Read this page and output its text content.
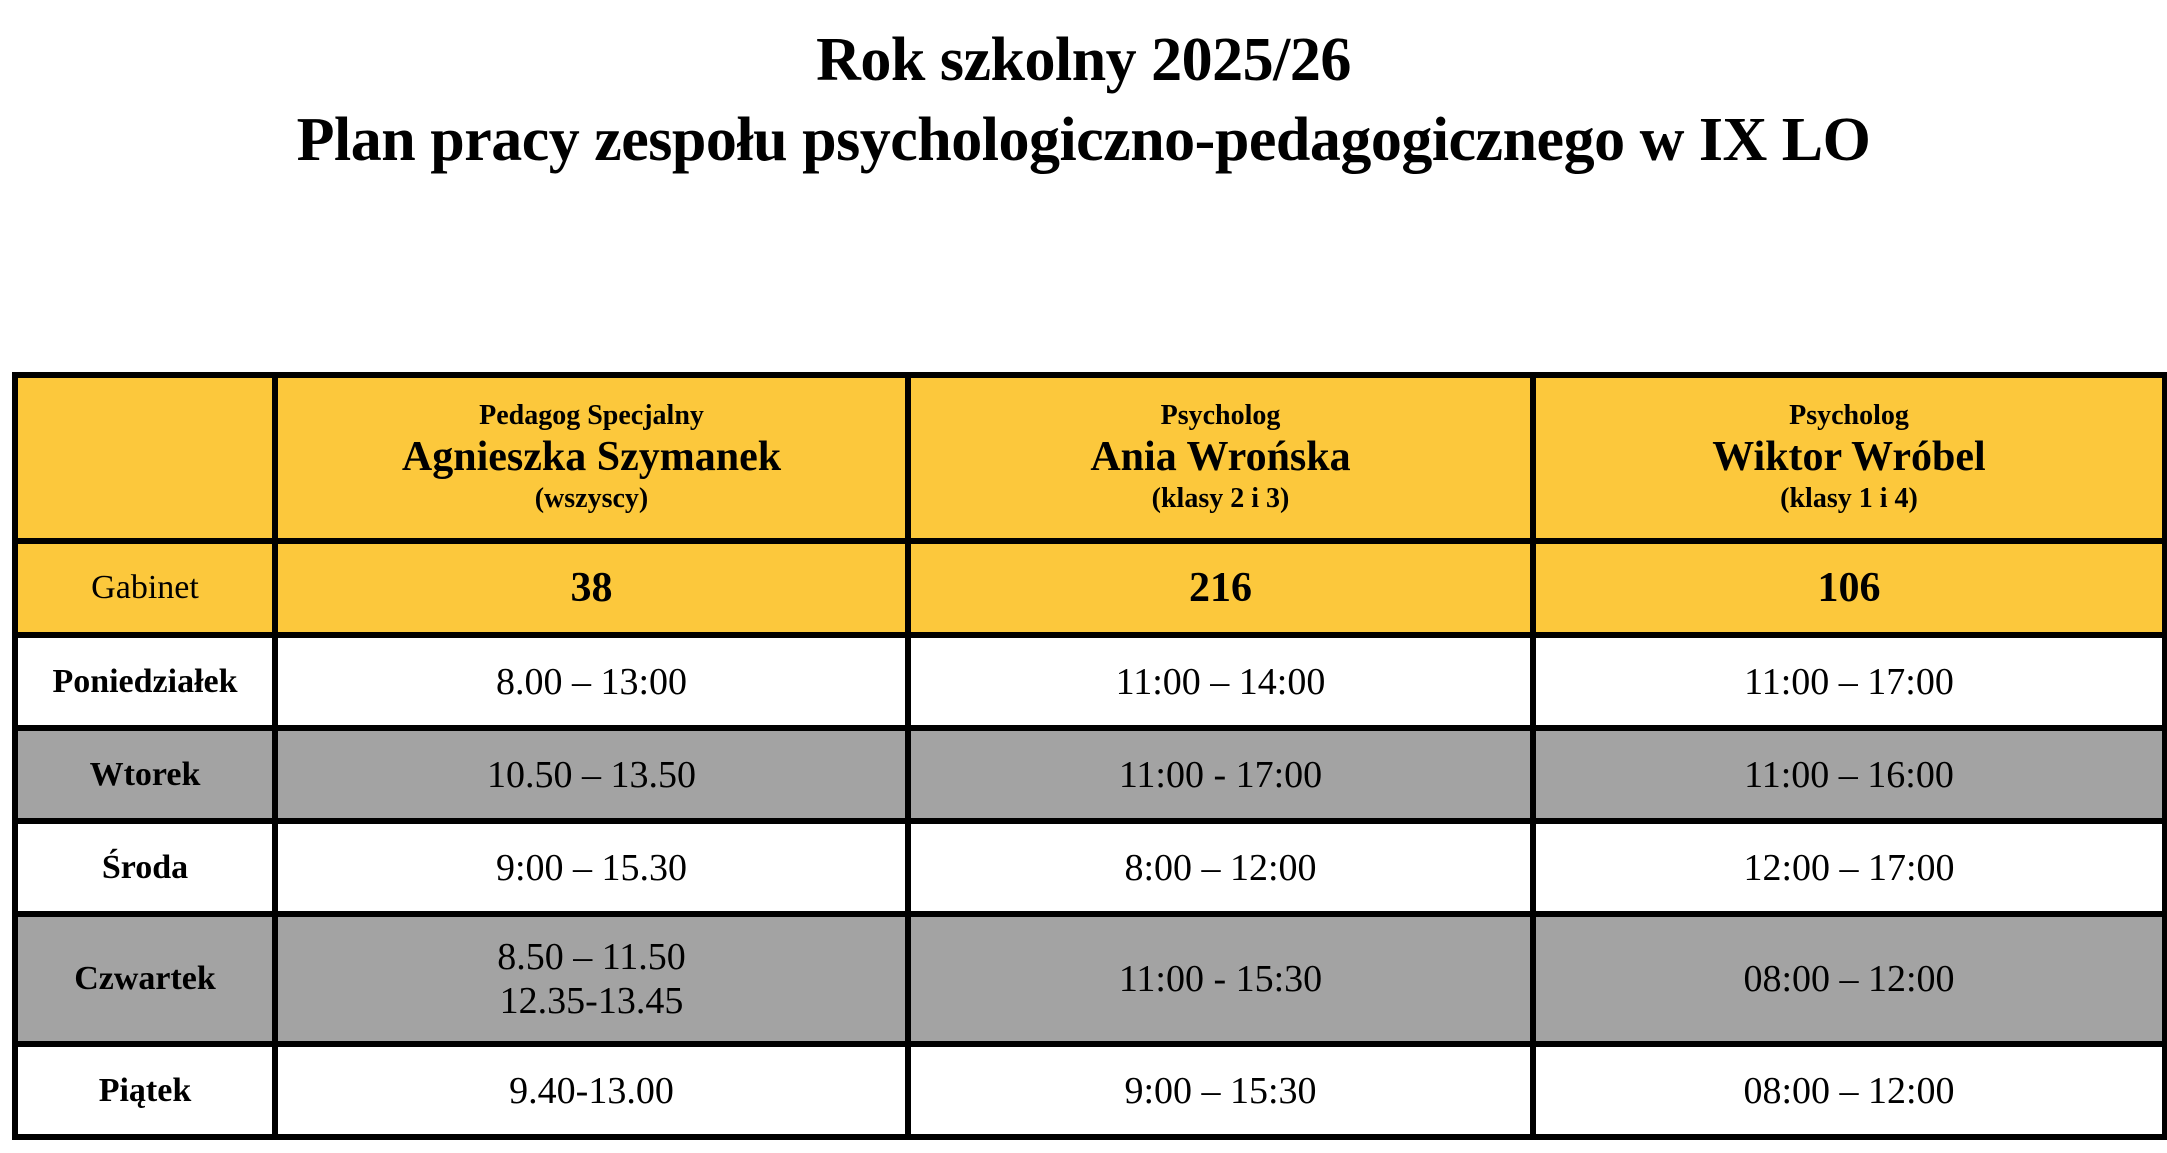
Rok szkolny 2025/26
Plan pracy zespołu psychologiczno-pedagogicznego w IX LO

	Pedagog Specjalny
Agnieszka Szymanek
(wszyscy)	Psycholog
Ania Wrońska
(klasy 2 i 3)	Psycholog
Wiktor Wróbel
(klasy 1 i 4)

Gabinet	38	216	106
Poniedziałek	8.00 – 13:00	11:00 – 14:00	11:00 – 17:00

Wtorek	10.50 – 13.50	11:00 - 17:00	11:00 – 16:00

Środa	9:00 – 15.30	8:00 – 12:00	12:00 – 17:00

Czwartek	8.50 – 11.50
12.35-13.45	11:00 - 15:30	08:00 – 12:00

Piątek	9.40-13.00	9:00 – 15:30	08:00 – 12:00
